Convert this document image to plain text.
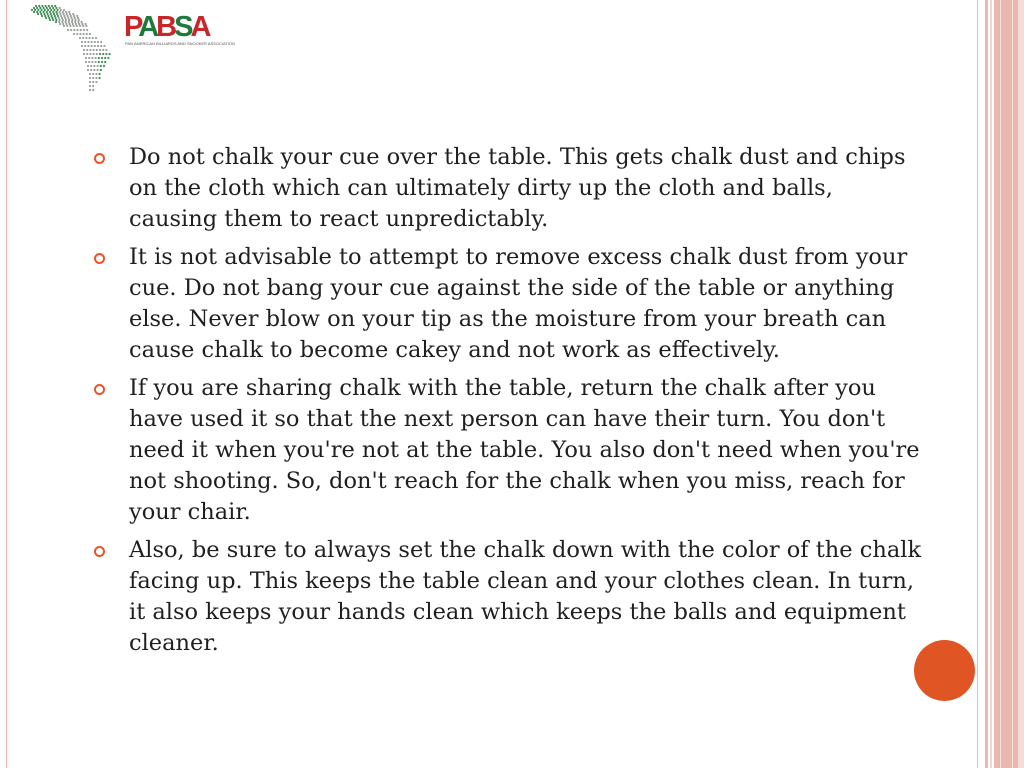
PABSA
PAN AMERICAN BILLIARDS AND SNOOKER ASSOCIATION
Do not chalk your cue over the table. This gets chalk dust and chips on the cloth which can ultimately dirty up the cloth and balls, causing them to react unpredictably.
It is not advisable to attempt to remove excess chalk dust from your cue. Do not bang your cue against the side of the table or anything else. Never blow on your tip as the moisture from your breath can cause chalk to become cakey and not work as effectively.
If you are sharing chalk with the table, return the chalk after you have used it so that the next person can have their turn. You don't need it when you're not at the table. You also don't need when you're not shooting. So, don't reach for the chalk when you miss, reach for your chair.
Also, be sure to always set the chalk down with the color of the chalk facing up. This keeps the table clean and your clothes clean. In turn, it also keeps your hands clean which keeps the balls and equipment cleaner.
